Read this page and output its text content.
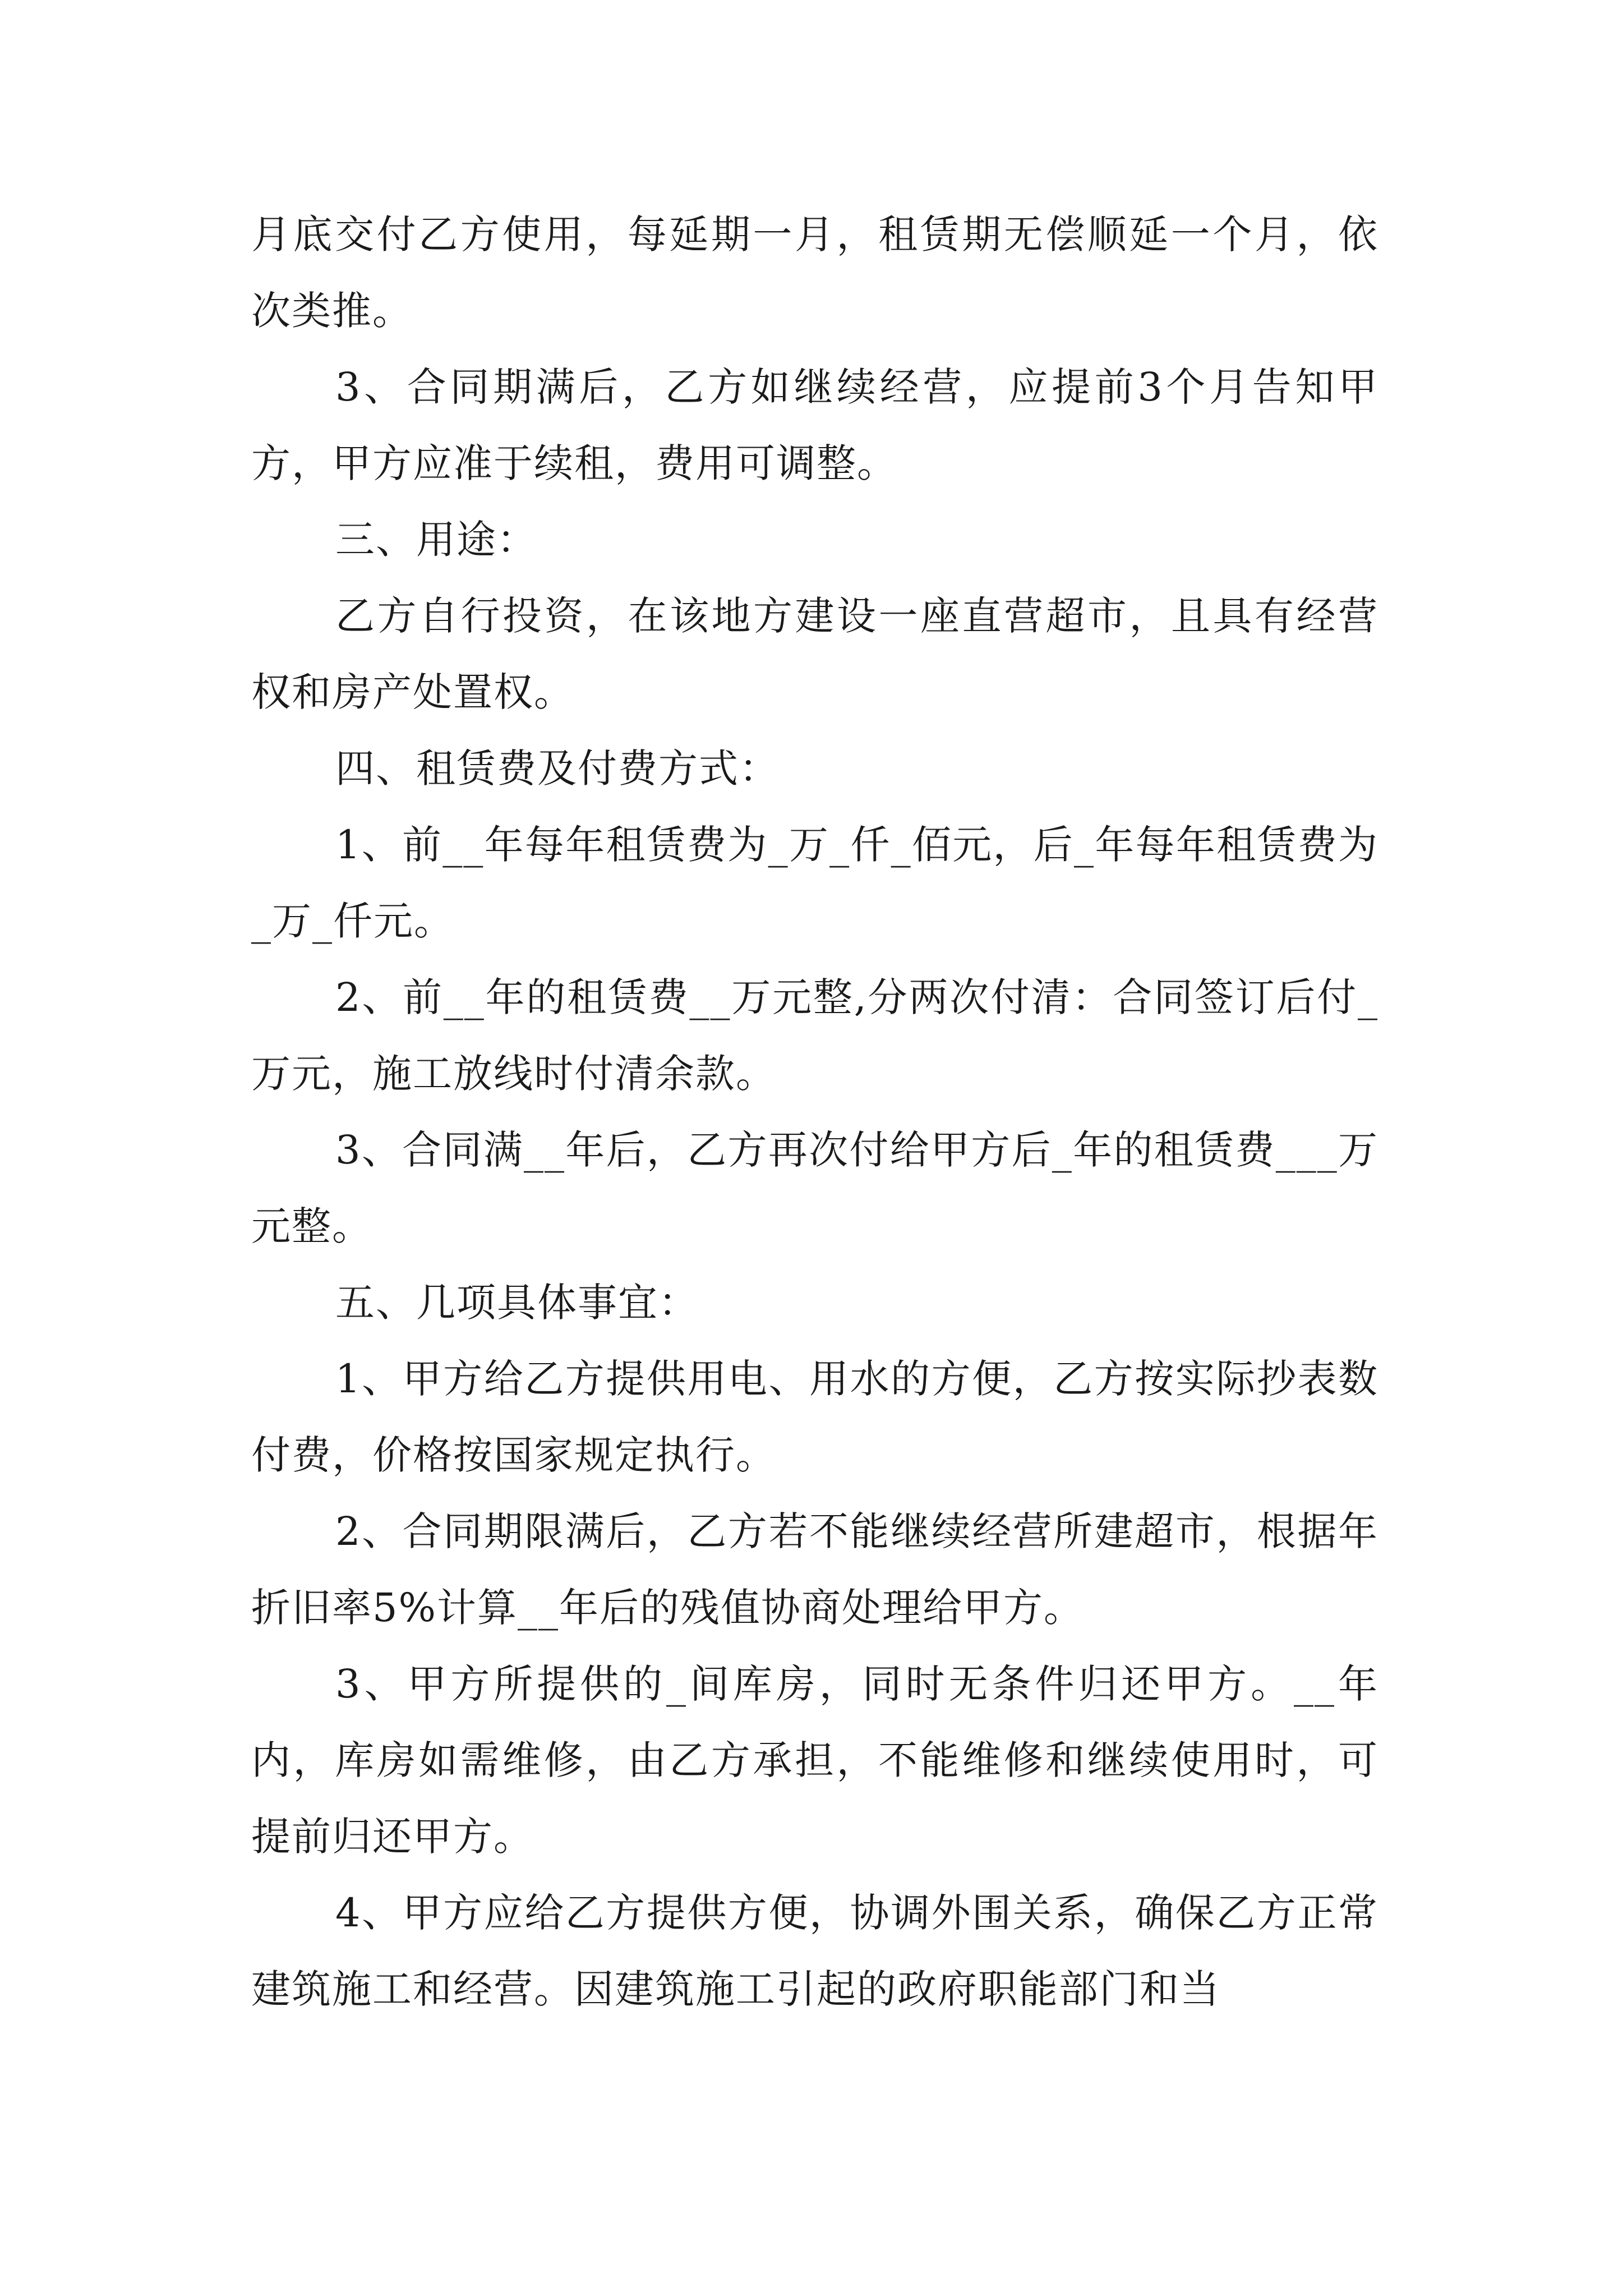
月底交付乙方使用，每延期一月，租赁期无偿顺延一个月，依次类推。

3、合同期满后，乙方如继续经营，应提前3个月告知甲方，甲方应准于续租，费用可调整。

三、用途：

乙方自行投资，在该地方建设一座直营超市，且具有经营权和房产处置权。

四、租赁费及付费方式：

1、前__年每年租赁费为_万_仟_佰元，后_年每年租赁费为_万_仟元。

2、前__年的租赁费__万元整,分两次付清：合同签订后付_万元，施工放线时付清余款。

3、合同满__年后，乙方再次付给甲方后_年的租赁费___万元整。

五、几项具体事宜：

1、甲方给乙方提供用电、用水的方便，乙方按实际抄表数付费，价格按国家规定执行。

2、合同期限满后，乙方若不能继续经营所建超市，根据年折旧率5%计算__年后的残值协商处理给甲方。

3、甲方所提供的_间库房，同时无条件归还甲方。__年内，库房如需维修，由乙方承担，不能维修和继续使用时，可提前归还甲方。

4、甲方应给乙方提供方便，协调外围关系，确保乙方正常建筑施工和经营。因建筑施工引起的政府职能部门和当
